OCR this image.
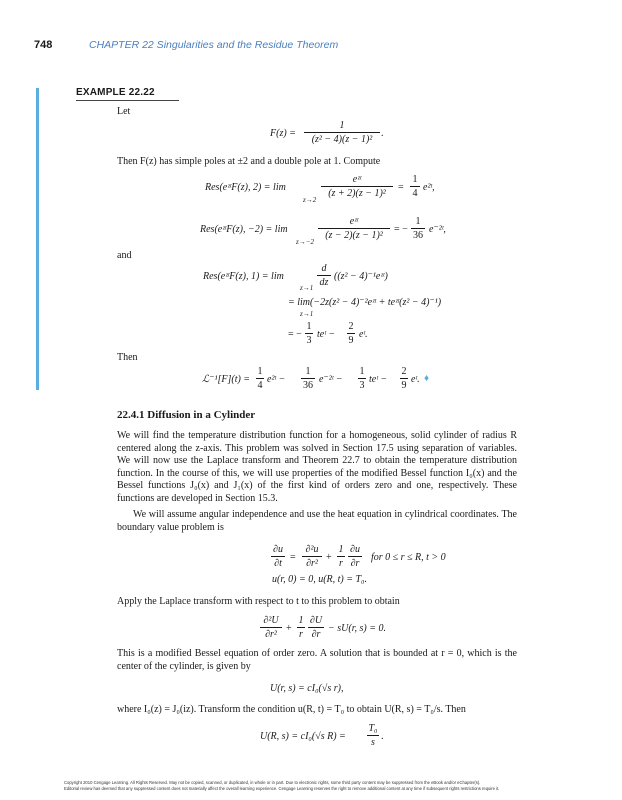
748	CHAPTER 22 Singularities and the Residue Theorem
EXAMPLE 22.22
Let
F(z) =
1
(z² − 4)(z − 1)²
.
Then F(z) has simple poles at ±2 and a double pole at 1. Compute
Res(eᶻᵗF(z), 2) = lim
z→2
eᶻᵗ
(z + 2)(z − 1)²
=
1
4
e²ᵗ,
Res(eᶻᵗF(z), −2) = lim
z→−2
eᶻᵗ
(z − 2)(z − 1)²
= −
1
36
e⁻²ᵗ,
and
Res(eᶻᵗF(z), 1) = lim
z→1
d
dz
((z² − 4)⁻¹eᶻᵗ)
= lim(−2z(z² − 4)⁻²eᶻᵗ + teᶻᵗ(z² − 4)⁻¹)
z→1
= −
1
3
teᵗ −
2
9
eᵗ.
Then
ℒ⁻¹[F](t) =
1
4
e²ᵗ −
1
36
e⁻²ᵗ −
1
3
teᵗ −
2
9
eᵗ. ♦
22.4.1 Diffusion in a Cylinder
We will find the temperature distribution function for a homogeneous, solid cylinder of radius R centered along the z-axis. This problem was solved in Section 17.5 using separation of variables. We will now use the Laplace transform and Theorem 22.7 to obtain the temperature distribution function. In the course of this, we will use properties of the modified Bessel function I₀(x) and the Bessel functions J₀(x) and J₁(x) of the first kind of orders zero and one, respectively. These functions are developed in Section 15.3.
We will assume angular independence and use the heat equation in cylindrical coordinates. The boundary value problem is
∂u
∂t
=
∂²u
∂r²
+
1
r
∂u
∂r
for 0 ≤ r ≤ R, t > 0
u(r, 0) = 0, u(R, t) = T₀.
Apply the Laplace transform with respect to t to this problem to obtain
∂²U
∂r²
+
1
r
∂U
∂r
− sU(r, s) = 0.
This is a modified Bessel equation of order zero. A solution that is bounded at r = 0, which is the center of the cylinder, is given by
U(r, s) = cI₀(√s r),
where I₀(z) = J₀(iz). Transform the condition u(R, t) = T₀ to obtain U(R, s) = T₀/s. Then
U(R, s) = cI₀(√s R) =
T₀
s
.
Copyright 2010 Cengage Learning. All Rights Reserved. May not be copied, scanned, or duplicated, in whole or in part. Due to electronic rights, some third party content may be suppressed from the eBook and/or eChapter(s).
Editorial review has deemed that any suppressed content does not materially affect the overall learning experience. Cengage Learning reserves the right to remove additional content at any time if subsequent rights restrictions require it.
